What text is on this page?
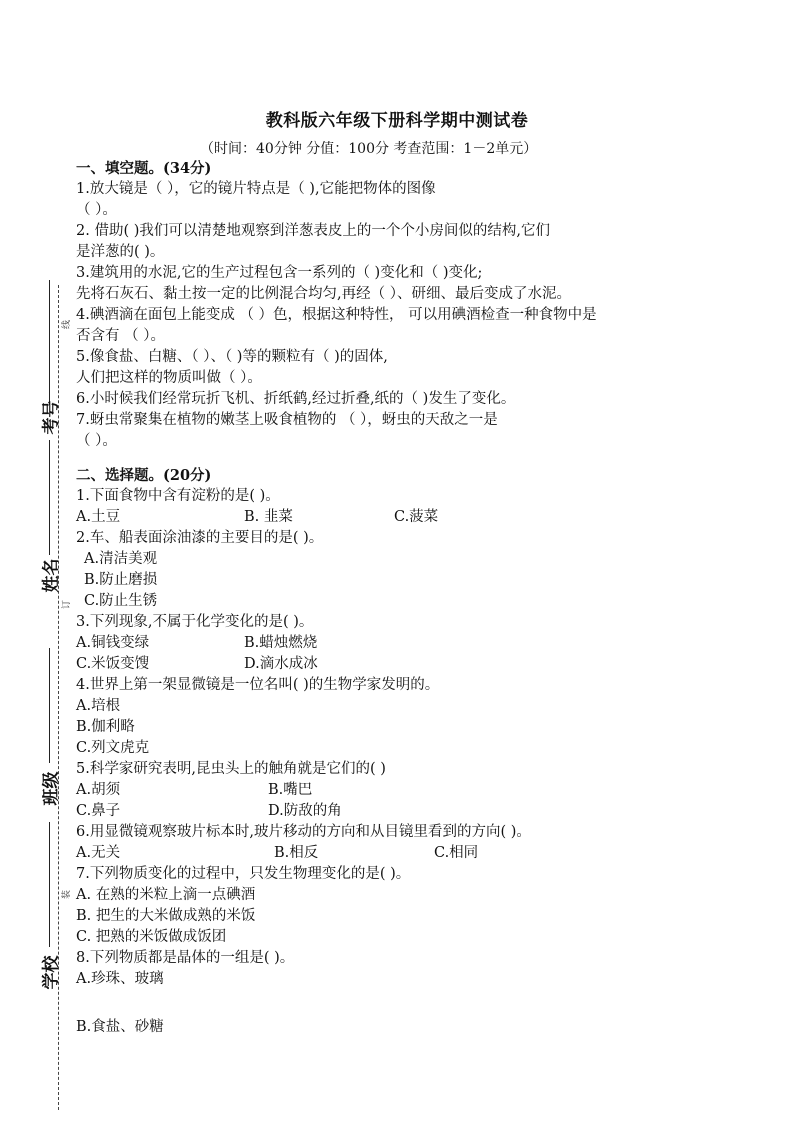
考号
姓名
班级
学校
线
订
装
教科版六年级下册科学期中测试卷
（时间：40分钟 分值：100分 考查范围：1－2单元）
一、填空题。(34分)
1.放大镜是（ ），它的镜片特点是（ ),它能把物体的图像
（ ）。
2. 借助( )我们可以清楚地观察到洋葱表皮上的一个个小房间似的结构,它们
是洋葱的( )。
3.建筑用的水泥,它的生产过程包含一系列的（ )变化和（ )变化;
先将石灰石、黏土按一定的比例混合均匀,再经（ ）、研细、最后变成了水泥。
4.碘酒滴在面包上能变成 （ ）色，根据这种特性， 可以用碘酒检查一种食物中是
否含有 （ ）。
5.像食盐、白糖、（ ）、（ )等的颗粒有（ )的固体,
人们把这样的物质叫做（ ）。
6.小时候我们经常玩折飞机、折纸鹤,经过折叠,纸的（ )发生了变化。
7.蚜虫常聚集在植物的嫩茎上吸食植物的 （ ），蚜虫的天敌之一是
（ ）。
二、选择题。(20分)
1.下面食物中含有淀粉的是( )。
A.土豆	B. 韭菜	C.菠菜
2.车、船表面涂油漆的主要目的是( )。
A.清洁美观
B.防止磨损
C.防止生锈
3.下列现象,不属于化学变化的是( )。
A.铜钱变绿	B.蜡烛燃烧
C.米饭变馊	D.滴水成冰
4.世界上第一架显微镜是一位名叫( )的生物学家发明的。
A.培根
B.伽利略
C.列文虎克
5.科学家研究表明,昆虫头上的触角就是它们的( )
A.胡须	B.嘴巴
C.鼻子	D.防敌的角
6.用显微镜观察玻片标本时,玻片移动的方向和从目镜里看到的方向( )。
A.无关	B.相反	C.相同
7.下列物质变化的过程中，只发生物理变化的是( )。
A. 在熟的米粒上滴一点碘酒
B. 把生的大米做成熟的米饭
C. 把熟的米饭做成饭团
8.下列物质都是晶体的一组是( )。
A.珍珠、玻璃
B.食盐、砂糖
